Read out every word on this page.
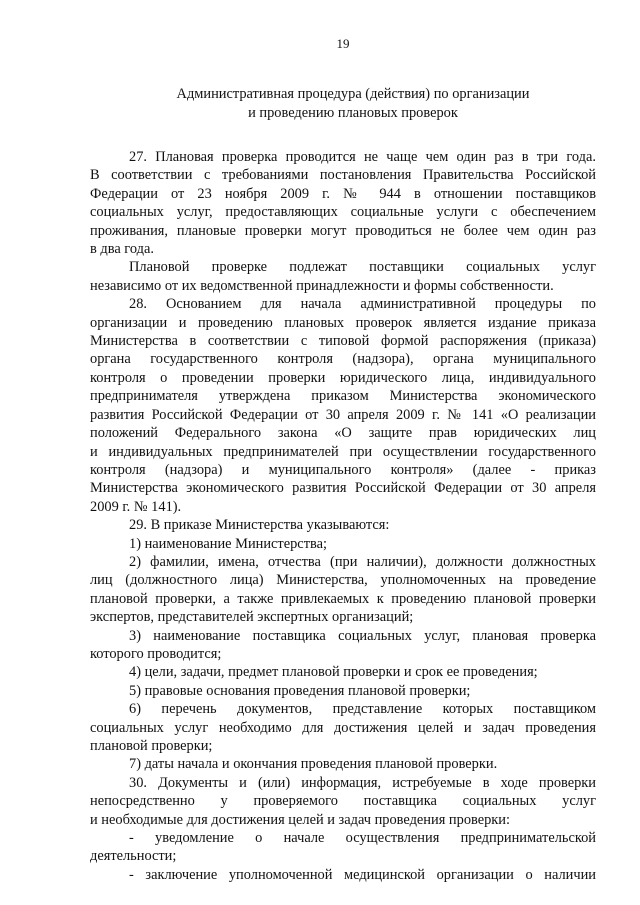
19
Административная процедура (действия) по организации
и проведению плановых проверок
27. Плановая проверка проводится не чаще чем один раз в три года.
В соответствии с требованиями постановления Правительства Российской
Федерации от 23 ноября 2009 г. № 944 в отношении поставщиков
социальных услуг, предоставляющих социальные услуги с обеспечением
проживания, плановые проверки могут проводиться не более чем один раз
в два года.
Плановой проверке подлежат поставщики социальных услуг
независимо от их ведомственной принадлежности и формы собственности.
28. Основанием для начала административной процедуры по
организации и проведению плановых проверок является издание приказа
Министерства в соответствии с типовой формой распоряжения (приказа)
органа государственного контроля (надзора), органа муниципального
контроля о проведении проверки юридического лица, индивидуального
предпринимателя утверждена приказом Министерства экономического
развития Российской Федерации от 30 апреля 2009 г. № 141 «О реализации
положений Федерального закона «О защите прав юридических лиц
и индивидуальных предпринимателей при осуществлении государственного
контроля (надзора) и муниципального контроля» (далее - приказ
Министерства экономического развития Российской Федерации от 30 апреля
2009 г. № 141).
29. В приказе Министерства указываются:
1) наименование Министерства;
2) фамилии, имена, отчества (при наличии), должности должностных
лиц (должностного лица) Министерства, уполномоченных на проведение
плановой проверки, а также привлекаемых к проведению плановой проверки
экспертов, представителей экспертных организаций;
3) наименование поставщика социальных услуг, плановая проверка
которого проводится;
4) цели, задачи, предмет плановой проверки и срок ее проведения;
5) правовые основания проведения плановой проверки;
6) перечень документов, представление которых поставщиком
социальных услуг необходимо для достижения целей и задач проведения
плановой проверки;
7) даты начала и окончания проведения плановой проверки.
30. Документы и (или) информация, истребуемые в ходе проверки
непосредственно у проверяемого поставщика социальных услуг
и необходимые для достижения целей и задач проведения проверки:
- уведомление о начале осуществления предпринимательской
деятельности;
- заключение уполномоченной медицинской организации о наличии
